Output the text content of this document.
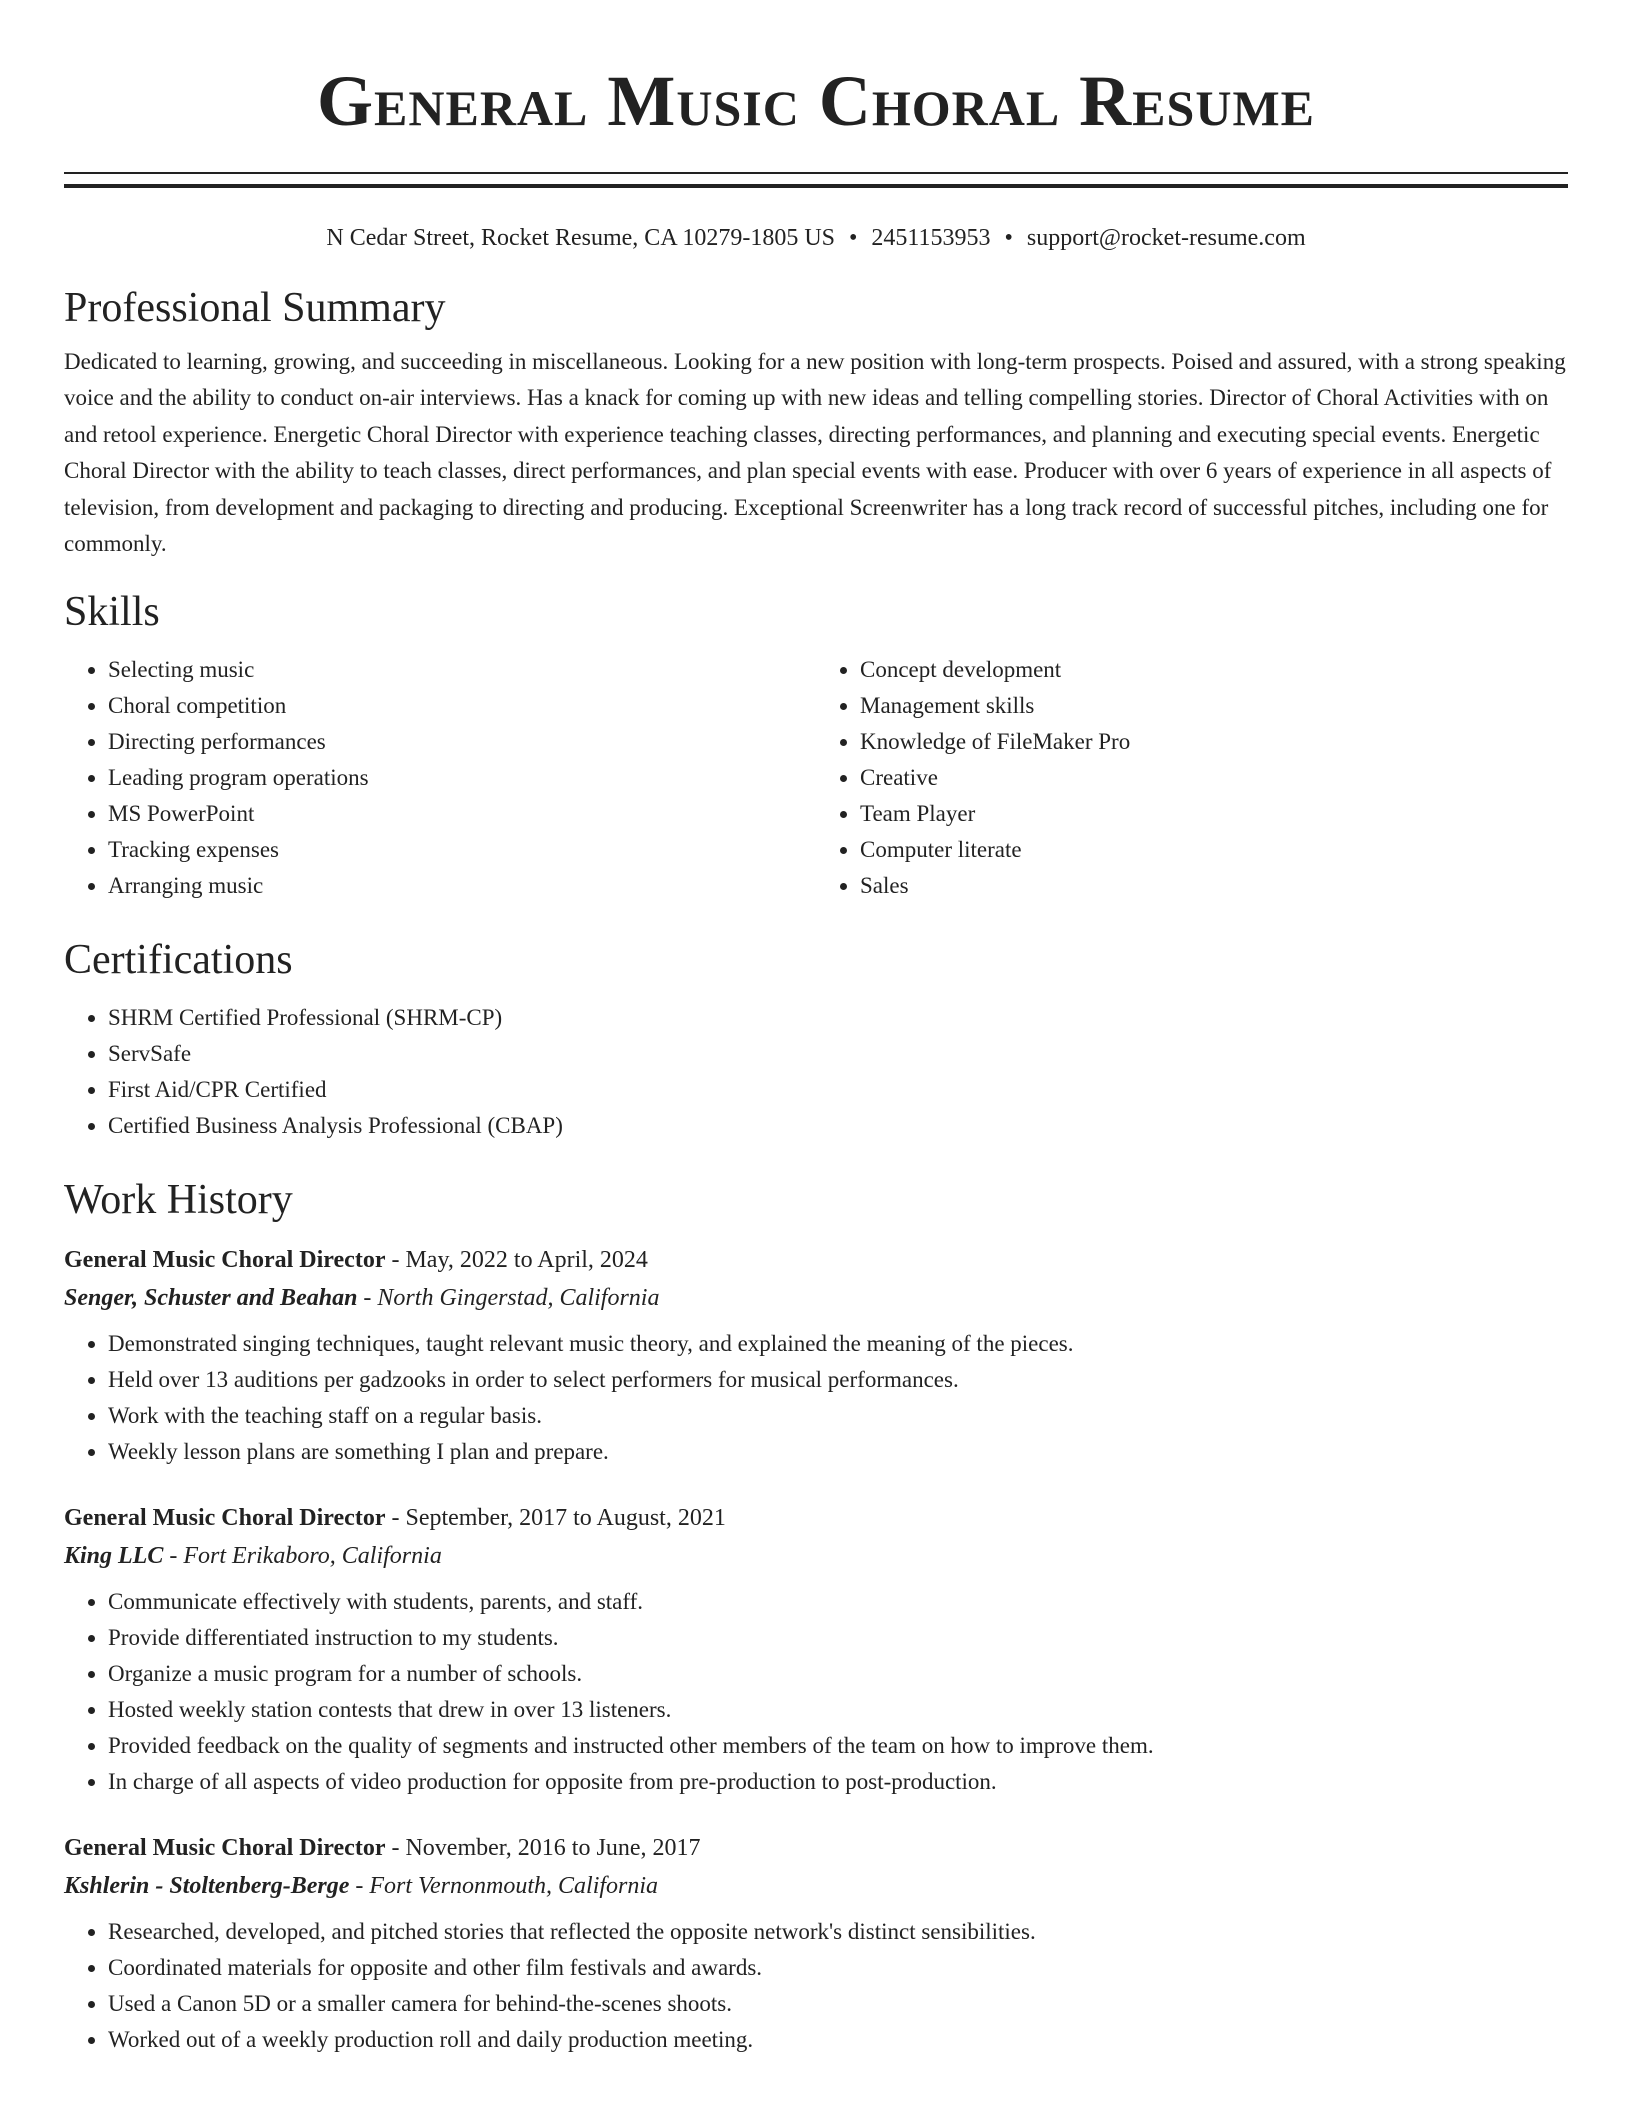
General Music Choral Resume
N Cedar Street, Rocket Resume, CA 10279-1805 US • 2451153953 • support@rocket-resume.com
Professional Summary

Dedicated to learning, growing, and succeeding in miscellaneous. Looking for a new position with long-term prospects. Poised and assured, with a strong speaking voice and the ability to conduct on-air interviews. Has a knack for coming up with new ideas and telling compelling stories. Director of Choral Activities with on and retool experience. Energetic Choral Director with experience teaching classes, directing performances, and planning and executing special events. Energetic Choral Director with the ability to teach classes, direct performances, and plan special events with ease. Producer with over 6 years of experience in all aspects of television, from development and packaging to directing and producing. Exceptional Screenwriter has a long track record of successful pitches, including one for commonly.

Skills
• Selecting music
• Choral competition
• Directing performances
• Leading program operations
• MS PowerPoint
• Tracking expenses
• Arranging music
• Concept development
• Management skills
• Knowledge of FileMaker Pro
• Creative
• Team Player
• Computer literate
• Sales
Certifications
• SHRM Certified Professional (SHRM-CP)
• ServSafe
• First Aid/CPR Certified
• Certified Business Analysis Professional (CBAP)
Work History
General Music Choral Director - May, 2022 to April, 2024
Senger, Schuster and Beahan - North Gingerstad, California
• Demonstrated singing techniques, taught relevant music theory, and explained the meaning of the pieces.
• Held over 13 auditions per gadzooks in order to select performers for musical performances.
• Work with the teaching staff on a regular basis.
• Weekly lesson plans are something I plan and prepare.
General Music Choral Director - September, 2017 to August, 2021
King LLC - Fort Erikaboro, California
• Communicate effectively with students, parents, and staff.
• Provide differentiated instruction to my students.
• Organize a music program for a number of schools.
• Hosted weekly station contests that drew in over 13 listeners.
• Provided feedback on the quality of segments and instructed other members of the team on how to improve them.
• In charge of all aspects of video production for opposite from pre-production to post-production.
General Music Choral Director - November, 2016 to June, 2017
Kshlerin - Stoltenberg-Berge - Fort Vernonmouth, California
• Researched, developed, and pitched stories that reflected the opposite network's distinct sensibilities.
• Coordinated materials for opposite and other film festivals and awards.
• Used a Canon 5D or a smaller camera for behind-the-scenes shoots.
• Worked out of a weekly production roll and daily production meeting.
